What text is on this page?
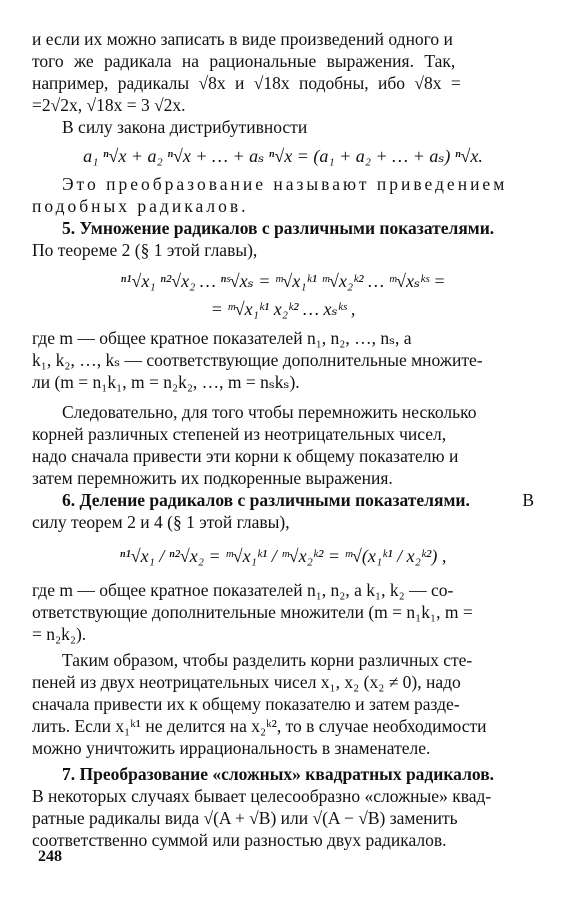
и если их можно записать в виде произведений одного и
того же радикала на рациональные выражения. Так,
например, радикалы √8x и √18x подобны, ибо √8x =
=2√2x, √18x = 3 √2x.
В силу закона дистрибутивности
a₁ ⁿ√x + a₂ ⁿ√x + … + aₛ ⁿ√x = (a₁ + a₂ + … + aₛ) ⁿ√x.
Это преобразование называют приведением
подобных радикалов.
5. Умножение радикалов с различными показателями.
По теореме 2 (§ 1 этой главы),
ⁿ¹√x₁ ⁿ²√x₂ … ⁿˢ√xₛ = ᵐ√x₁ᵏ¹ ᵐ√x₂ᵏ² … ᵐ√xₛᵏˢ =
= ᵐ√x₁ᵏ¹ x₂ᵏ² … xₛᵏˢ ,
где m — общее кратное показателей n₁, n₂, …, nₛ, а
k₁, k₂, …, kₛ — соответствующие дополнительные множите-
ли (m = n₁k₁, m = n₂k₂, …, m = nₛkₛ).
Следовательно, для того чтобы перемножить несколько
корней различных степеней из неотрицательных чисел,
надо сначала привести эти корни к общему показателю и
затем перемножить их подкоренные выражения.
6. Деление радикалов с различными показателями.	В
силу теорем 2 и 4 (§ 1 этой главы),
ⁿ¹√x₁ / ⁿ²√x₂ = ᵐ√x₁ᵏ¹ / ᵐ√x₂ᵏ² = ᵐ√(x₁ᵏ¹ / x₂ᵏ²) ,
где m — общее кратное показателей n₁, n₂, а k₁, k₂ — со-
ответствующие дополнительные множители (m = n₁k₁, m =
= n₂k₂).
Таким образом, чтобы разделить корни различных сте-
пеней из двух неотрицательных чисел x₁, x₂ (x₂ ≠ 0), надо
сначала привести их к общему показателю и затем разде-
лить. Если x₁ᵏ¹ не делится на x₂ᵏ², то в случае необходимости
можно уничтожить иррациональность в знаменателе.
7. Преобразование «сложных» квадратных радикалов.
В некоторых случаях бывает целесообразно «сложные» квад-
ратные радикалы вида √(A + √B) или √(A − √B) заменить
соответственно суммой или разностью двух радикалов.
248
